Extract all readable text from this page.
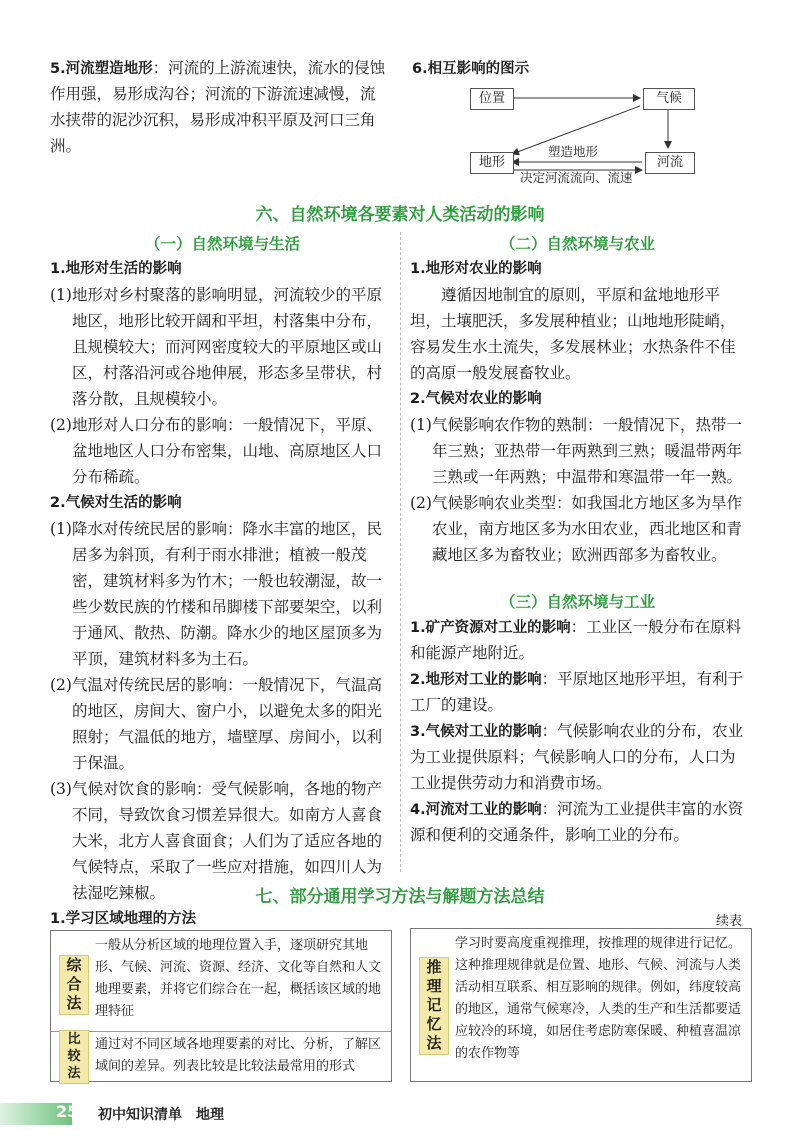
5.河流塑造地形：河流的上游流速快，流水的侵蚀作用强，易形成沟谷；河流的下游流速减慢，流水挟带的泥沙沉积，易形成冲积平原及河口三角洲。
6.相互影响的图示
位置	气候
地形	河流
塑造地形
决定河流流向、流速
六、自然环境各要素对人类活动的影响
（一）自然环境与生活
1.地形对生活的影响
(1) 地形对乡村聚落的影响明显，河流较少的平原地区，地形比较开阔和平坦，村落集中分布，且规模较大；而河网密度较大的平原地区或山区，村落沿河或谷地伸展，形态多呈带状，村落分散，且规模较小。
(2) 地形对人口分布的影响：一般情况下，平原、盆地地区人口分布密集，山地、高原地区人口分布稀疏。
2.气候对生活的影响
(1) 降水对传统民居的影响：降水丰富的地区，民居多为斜顶，有利于雨水排泄；植被一般茂密，建筑材料多为竹木；一般也较潮湿，故一些少数民族的竹楼和吊脚楼下部要架空，以利于通风、散热、防潮。降水少的地区屋顶多为平顶，建筑材料多为土石。
(2) 气温对传统民居的影响：一般情况下，气温高的地区，房间大、窗户小，以避免太多的阳光照射；气温低的地方，墙壁厚、房间小，以利于保温。
(3) 气候对饮食的影响：受气候影响，各地的物产不同，导致饮食习惯差异很大。如南方人喜食大米，北方人喜食面食；人们为了适应各地的气候特点，采取了一些应对措施，如四川人为祛湿吃辣椒。
（二）自然环境与农业
1.地形对农业的影响
遵循因地制宜的原则，平原和盆地地形平坦，土壤肥沃，多发展种植业；山地地形陡峭，容易发生水土流失，多发展林业；水热条件不佳的高原一般发展畜牧业。
2.气候对农业的影响
(1) 气候影响农作物的熟制：一般情况下，热带一年三熟；亚热带一年两熟到三熟；暖温带两年三熟或一年两熟；中温带和寒温带一年一熟。
(2) 气候影响农业类型：如我国北方地区多为旱作农业，南方地区多为水田农业，西北地区和青藏地区多为畜牧业；欧洲西部多为畜牧业。
（三）自然环境与工业
1.矿产资源对工业的影响：工业区一般分布在原料和能源产地附近。
2.地形对工业的影响：平原地区地形平坦，有利于工厂的建设。
3.气候对工业的影响：气候影响农业的分布，农业为工业提供原料；气候影响人口的分布，人口为工业提供劳动力和消费市场。
4.河流对工业的影响：河流为工业提供丰富的水资源和便利的交通条件，影响工业的分布。
七、部分通用学习方法与解题方法总结
1.学习区域地理的方法	续表
综
合
法
一般从分析区域的地理位置入手，逐项研究其地形、气候、河流、资源、经济、文化等自然和人文地理要素，并将它们综合在一起，概括该区域的地理特征
比
较
法
通过对不同区域各地理要素的对比、分析，了解区域间的差异。列表比较是比较法最常用的形式
推
理
记
忆
法
学习时要高度重视推理，按推理的规律进行记忆。这种推理规律就是位置、地形、气候、河流与人类活动相互联系、相互影响的规律。例如，纬度较高的地区，通常气候寒冷，人类的生产和生活都要适应较冷的环境，如居住考虑防寒保暖、种植喜温凉的农作物等
256 初中知识清单　地理
